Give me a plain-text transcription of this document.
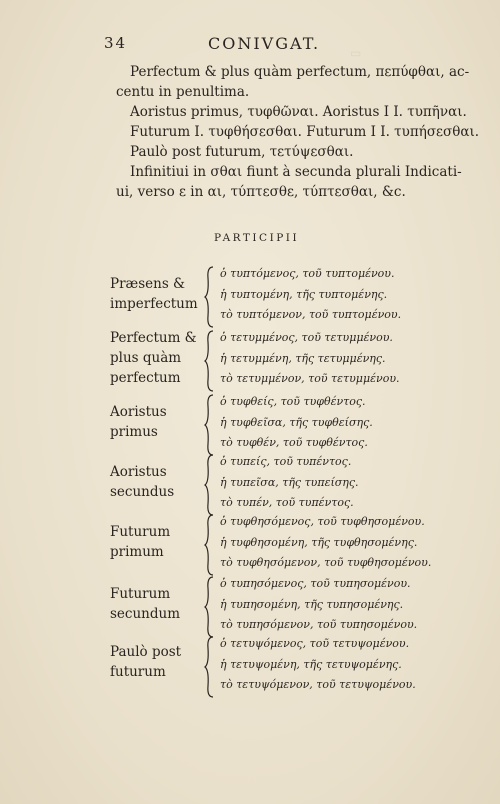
▭
34	CONIVGAT.
Perfectum & plus quàm perfectum, πεπύφθαι, ac-
centu in penultima.
Aoristus primus, τυφθῶναι. Aoristus I I. τυπῆναι.
Futurum I. τυφθήσεσθαι. Futurum I I. τυπήσεσθαι.
Paulò post futurum, τετύψεσθαι.
Infinitiui in σθαι fiunt à secunda plurali Indicati-
ui, verso ε in αι, τύπτεσθε, τύπτεσθαι, &c.
PARTICIPII
Præsens &
imperfectum
ὁ τυπτόμενος, τοῦ τυπτομένου.
ἡ τυπτομένη, τῆς τυπτομένης.
τὸ τυπτόμενον, τοῦ τυπτομένου.
Perfectum &
plus quàm
perfectum
ὁ τετυμμένος, τοῦ τετυμμένου.
ἡ τετυμμένη, τῆς τετυμμένης.
τὸ τετυμμένον, τοῦ τετυμμένου.
Aoristus
primus
ὁ τυφθείς, τοῦ τυφθέντος.
ἡ τυφθεῖσα, τῆς τυφθείσης.
τὸ τυφθέν, τοῦ τυφθέντος.
Aoristus
secundus
ὁ τυπείς, τοῦ τυπέντος.
ἡ τυπεῖσα, τῆς τυπείσης.
τὸ τυπέν, τοῦ τυπέντος.
Futurum
primum
ὁ τυφθησόμενος, τοῦ τυφθησομένου.
ἡ τυφθησομένη, τῆς τυφθησομένης.
τὸ τυφθησόμενον, τοῦ τυφθησομένου.
Futurum
secundum
ὁ τυπησόμενος, τοῦ τυπησομένου.
ἡ τυπησομένη, τῆς τυπησομένης.
τὸ τυπησόμενον, τοῦ τυπησομένου.
Paulò post
futurum
ὁ τετυψόμενος, τοῦ τετυψομένου.
ἡ τετυψομένη, τῆς τετυψομένης.
τὸ τετυψόμενον, τοῦ τετυψομένου.
